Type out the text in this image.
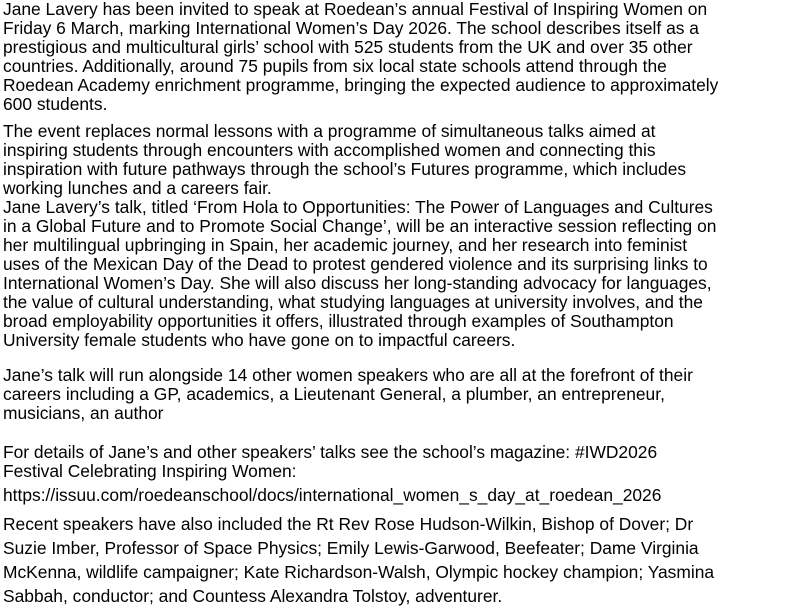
Jane Lavery has been invited to speak at Roedean’s annual Festival of Inspiring Women on
Friday 6 March, marking International Women’s Day 2026. The school describes itself as a
prestigious and multicultural girls’ school with 525 students from the UK and over 35 other
countries. Additionally, around 75 pupils from six local state schools attend through the
Roedean Academy enrichment programme, bringing the expected audience to approximately
600 students.

The event replaces normal lessons with a programme of simultaneous talks aimed at
inspiring students through encounters with accomplished women and connecting this
inspiration with future pathways through the school’s Futures programme, which includes
working lunches and a careers fair.

Jane Lavery’s talk, titled ‘From Hola to Opportunities: The Power of Languages and Cultures
in a Global Future and to Promote Social Change’, will be an interactive session reflecting on
her multilingual upbringing in Spain, her academic journey, and her research into feminist
uses of the Mexican Day of the Dead to protest gendered violence and its surprising links to

International Women’s Day. She will also discuss her long-standing advocacy for languages,
the value of cultural understanding, what studying languages at university involves, and the
broad employability opportunities it offers, illustrated through examples of Southampton
University female students who have gone on to impactful careers.

Jane’s talk will run alongside 14 other women speakers who are all at the forefront of their
careers including a GP, academics, a Lieutenant General, a plumber, an entrepreneur,
musicians, an author

For details of Jane’s and other speakers’ talks see the school’s magazine: #IWD2026
Festival Celebrating Inspiring Women:

https://issuu.com/roedeanschool/docs/international_women_s_day_at_roedean_2026

Recent speakers have also included the Rt Rev Rose Hudson-Wilkin, Bishop of Dover; Dr
Suzie Imber, Professor of Space Physics; Emily Lewis-Garwood, Beefeater; Dame Virginia
McKenna, wildlife campaigner; Kate Richardson-Walsh, Olympic hockey champion; Yasmina
Sabbah, conductor; and Countess Alexandra Tolstoy, adventurer.
